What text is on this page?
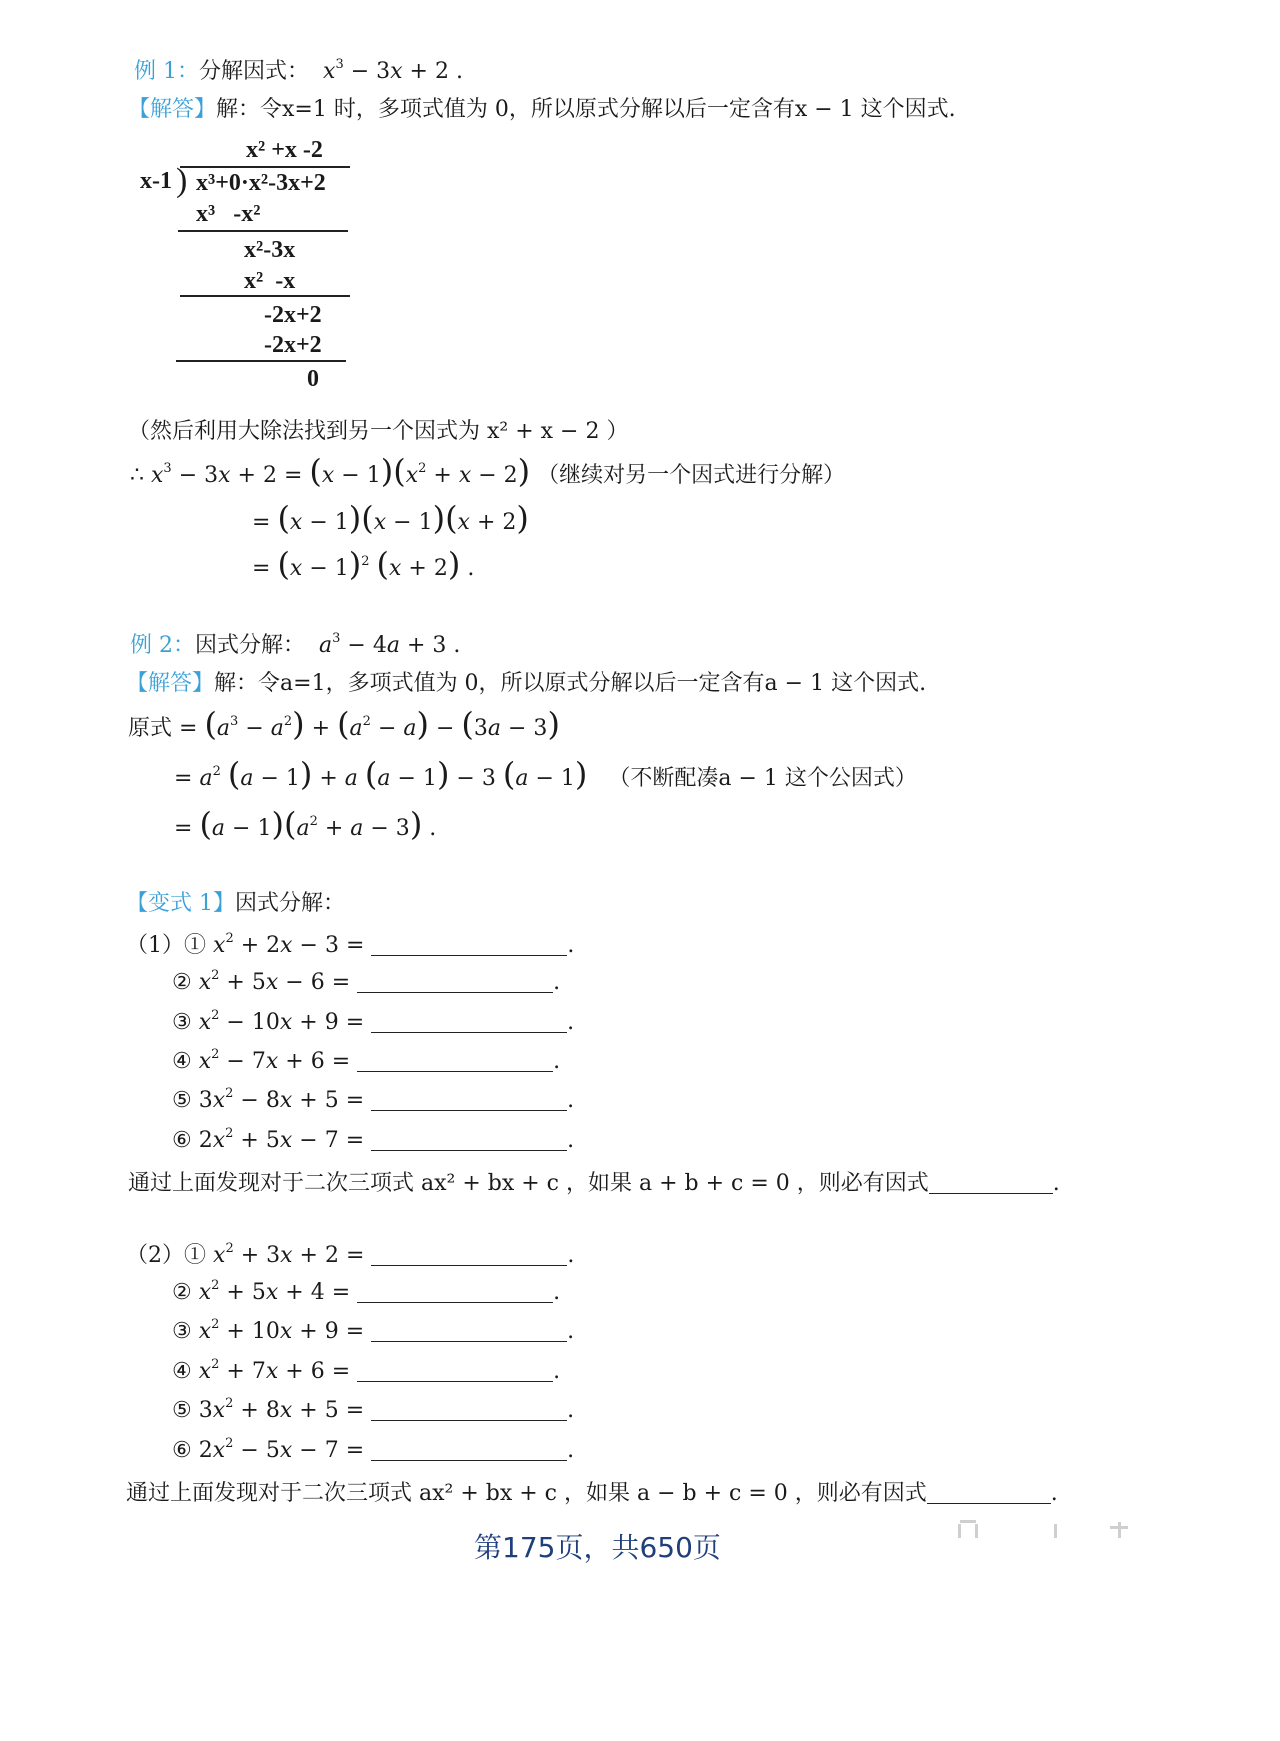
例 1：分解因式： $x^3 - 3x + 2$ .
【解答】解：令x=1 时，多项式值为 0，所以原式分解以后一定含有x − 1 这个因式.
x² +x -2
x-1 ) x³+0·x²-3x+2
x³   -x²
x²-3x
x²  -x
-2x+2
-2x+2
0
（然后利用大除法找到另一个因式为 x² + x − 2 ）
∴ $x^3 - 3x + 2 = (x - 1)(x^2 + x - 2)$ （继续对另一个因式进行分解）
= (x − 1)(x − 1)(x + 2)
= $(x - 1)^2$ (x + 2) .
例 2：因式分解： $a^3 - 4a + 3$ .
【解答】解：令a=1，多项式值为 0，所以原式分解以后一定含有a − 1 这个因式.
原式 = $(a^3 - a^2) + (a^2 - a) - (3a - 3)$
= $a^2$ (a − 1) + a (a − 1) − 3 (a − 1) （不断配凑a − 1 这个公因式）
= $(a - 1)(a^2 + a - 3)$ .
【变式 1】因式分解：
（1）① $x^2 + 2x - 3$ =	.
② $x^2 + 5x - 6$ =	.
③ $x^2 - 10x + 9$ =	.
④ $x^2 - 7x + 6$ =	.
⑤ $3x^2 - 8x + 5$ =	.
⑥ $2x^2 + 5x - 7$ =	.
通过上面发现对于二次三项式 ax² + bx + c ，如果 a + b + c = 0 ，则必有因式	.
（2）① $x^2 + 3x + 2$ =	.
② $x^2 + 5x + 4$ =	.
③ $x^2 + 10x + 9$ =	.
④ $x^2 + 7x + 6$ =	.
⑤ $3x^2 + 8x + 5$ =	.
⑥ $2x^2 - 5x - 7$ =	.
通过上面发现对于二次三项式 ax² + bx + c ，如果 a − b + c = 0 ，则必有因式	.
第175页，共650页
